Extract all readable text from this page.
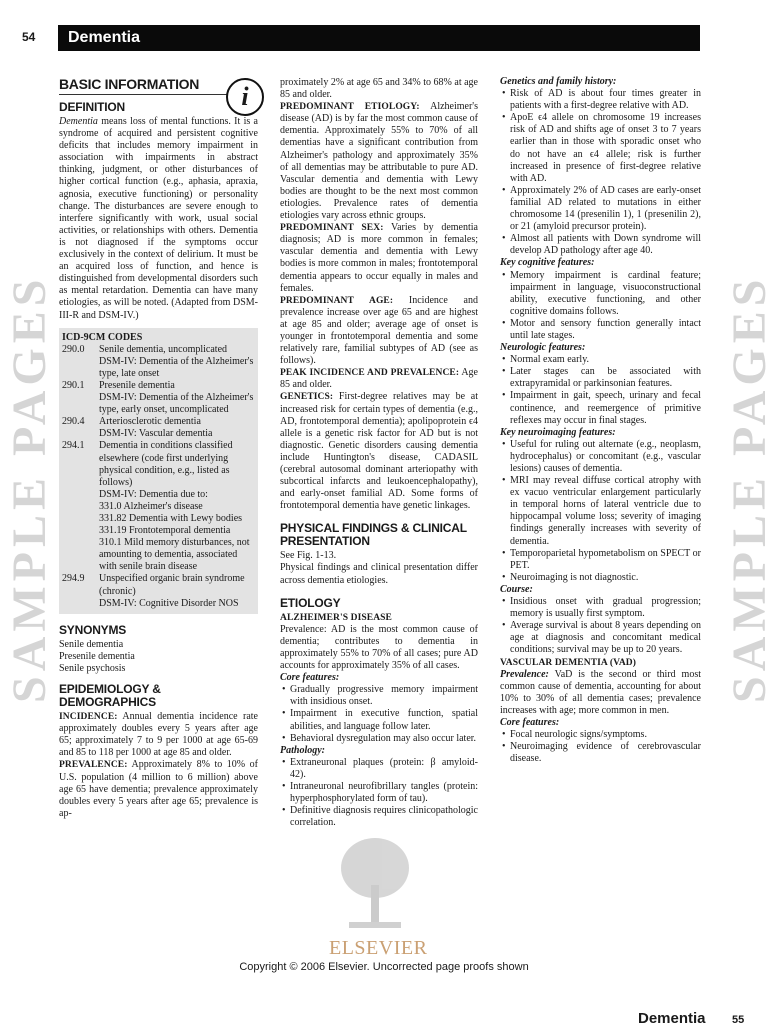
54	Dementia
SAMPLE PAGES	SAMPLE PAGES
BASIC INFORMATION	i
DEFINITION

Dementia means loss of mental functions. It is a syndrome of acquired and persistent cognitive deficits that includes memory impairment in association with impairments in abstract thinking, judgment, or other disturbances of higher cortical function (e.g., aphasia, apraxia, agnosia, executive functioning) or personality change. The disturbances are severe enough to interfere significantly with work, usual social activities, or relationships with others. Dementia is not diagnosed if the symptoms occur exclusively in the context of delirium. It must be an acquired loss of function, and hence is distinguished from developmental disorders such as mental retardation. Dementia can have many etiologies, as will be noted. (Adapted from DSM-III-R and DSM-IV.)

ICD-9CM CODES
290.0 Senile dementia, uncomplicated
DSM-IV: Dementia of the Alzheimer's type, late onset
290.1 Presenile dementia
DSM-IV: Dementia of the Alzheimer's type, early onset, uncomplicated
290.4 Arteriosclerotic dementia
DSM-IV: Vascular dementia
294.1 Dementia in conditions classified elsewhere (code first underlying physical condition, e.g., listed as follows)
DSM-IV: Dementia due to:
331.0 Alzheimer's disease
331.82 Dementia with Lewy bodies
331.19 Frontotemporal dementia
310.1 Mild memory disturbances, not amounting to dementia, associated with senile brain disease
294.9 Unspecified organic brain syndrome (chronic)
DSM-IV: Cognitive Disorder NOS
SYNONYMS
Senile dementia
Presenile dementia
Senile psychosis
EPIDEMIOLOGY & DEMOGRAPHICS

INCIDENCE: Annual dementia incidence rate approximately doubles every 5 years after age 65; approximately 7 to 9 per 1000 at age 65-69 and 85 to 118 per 1000 at age 85 and older.

PREVALENCE: Approximately 8% to 10% of U.S. population (4 million to 6 million) above age 65 have dementia; prevalence approximately doubles every 5 years after age 65; prevalence is ap-

proximately 2% at age 65 and 34% to 68% at age 85 and older.

PREDOMINANT ETIOLOGY: Alzheimer's disease (AD) is by far the most common cause of dementia. Approximately 55% to 70% of all dementias have a significant contribution from Alzheimer's pathology and approximately 35% of all dementias may be attributable to pure AD. Vascular dementia and dementia with Lewy bodies are thought to be the next most common etiologies. Prevalence rates of dementia etiologies vary across ethnic groups.

PREDOMINANT SEX: Varies by dementia diagnosis; AD is more common in females; vascular dementia and dementia with Lewy bodies is more common in males; frontotemporal dementia appears to occur equally in males and females.

PREDOMINANT AGE: Incidence and prevalence increase over age 65 and are highest at age 85 and older; average age of onset is younger in frontotemporal dementia and some relatively rare, familial subtypes of AD (see as follows).

PEAK INCIDENCE AND PREVALENCE: Age 85 and older.

GENETICS: First-degree relatives may be at increased risk for certain types of dementia (e.g., AD, frontotemporal dementia); apolipoprotein ϵ4 allele is a genetic risk factor for AD but is not diagnostic. Genetic disorders causing dementia include Huntington's disease, CADASIL (cerebral autosomal dominant arteriopathy with subcortical infarcts and leukoencephalopathy), and early-onset familial AD. Some forms of frontotemporal dementia have genetic linkages.

PHYSICAL FINDINGS & CLINICAL PRESENTATION

See Fig. 1-13.

Physical findings and clinical presentation differ across dementia etiologies.

ETIOLOGY
ALZHEIMER'S DISEASE

Prevalence: AD is the most common cause of dementia; contributes to dementia in approximately 55% to 70% of all cases; pure AD accounts for approximately 35% of all cases.

Core features:
• Gradually progressive memory impairment with insidious onset.
• Impairment in executive function, spatial abilities, and language follow later.
• Behavioral dysregulation may also occur later.
Pathology:
• Extraneuronal plaques (protein: β amyloid-42).
• Intraneuronal neurofibrillary tangles (protein: hyperphosphorylated form of tau).
• Definitive diagnosis requires clinicopathologic correlation.
Genetics and family history:
• Risk of AD is about four times greater in patients with a first-degree relative with AD.
• ApoE ϵ4 allele on chromosome 19 increases risk of AD and shifts age of onset 3 to 7 years earlier than in those with sporadic onset who do not have an ϵ4 allele; risk is further increased in presence of first-degree relative with AD.
• Approximately 2% of AD cases are early-onset familial AD related to mutations in either chromosome 14 (presenilin 1), 1 (presenilin 2), or 21 (amyloid precursor protein).
• Almost all patients with Down syndrome will develop AD pathology after age 40.
Key cognitive features:
• Memory impairment is cardinal feature; impairment in language, visuoconstructional ability, executive functioning, and other cognitive domains follows.
• Motor and sensory function generally intact until late stages.
Neurologic features:
• Normal exam early.
• Later stages can be associated with extrapyramidal or parkinsonian features.
• Impairment in gait, speech, urinary and fecal continence, and reemergence of primitive reflexes may occur in final stages.
Key neuroimaging features:
• Useful for ruling out alternate (e.g., neoplasm, hydrocephalus) or concomitant (e.g., vascular lesions) causes of dementia.
• MRI may reveal diffuse cortical atrophy with ex vacuo ventricular enlargement particularly in temporal horns of lateral ventricle due to hippocampal volume loss; severity of imaging findings generally increases with severity of dementia.
• Temporoparietal hypometabolism on SPECT or PET.
• Neuroimaging is not diagnostic.
Course:
• Insidious onset with gradual progression; memory is usually first symptom.
• Average survival is about 8 years depending on age at diagnosis and concomitant medical conditions; survival may be up to 20 years.
VASCULAR DEMENTIA (VAD)

Prevalence: VaD is the second or third most common cause of dementia, accounting for about 10% to 30% of all dementia cases; prevalence increases with age; more common in men.

Core features:
• Focal neurologic signs/symptoms.
• Neuroimaging evidence of cerebrovascular disease.
ELSEVIER
Copyright © 2006 Elsevier. Uncorrected page proofs shown
Dementia 55
